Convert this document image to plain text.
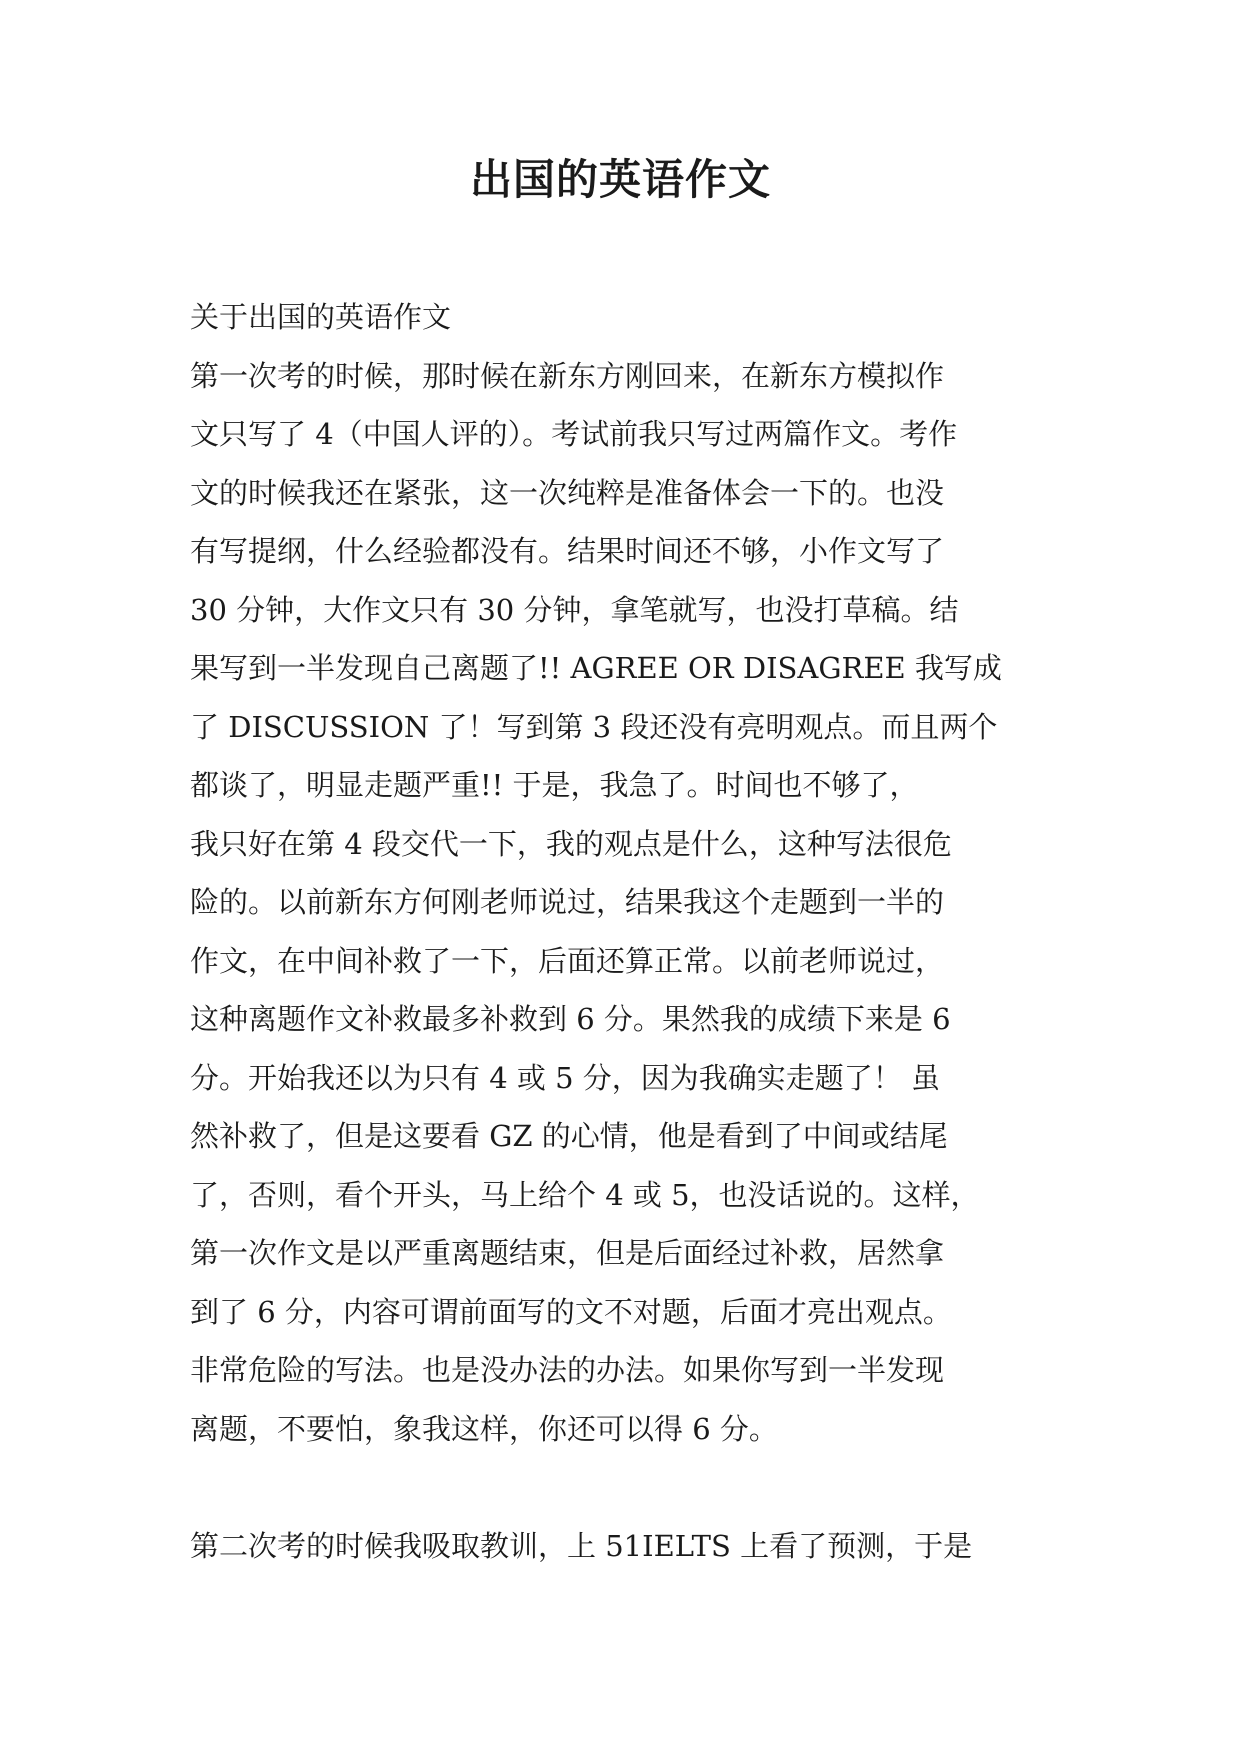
出国的英语作文

关于出国的英语作文

第一次考的时候，那时候在新东方刚回来，在新东方模拟作

文只写了 4（中国人评的）。考试前我只写过两篇作文。考作

文的时候我还在紧张，这一次纯粹是准备体会一下的。也没

有写提纲，什么经验都没有。结果时间还不够，小作文写了

30 分钟，大作文只有 30 分钟，拿笔就写，也没打草稿。结

果写到一半发现自己离题了!! AGREE OR DISAGREE 我写成

了 DISCUSSION 了！写到第 3 段还没有亮明观点。而且两个

都谈了，明显走题严重!! 于是，我急了。时间也不够了，

我只好在第 4 段交代一下，我的观点是什么，这种写法很危

险的。以前新东方何刚老师说过，结果我这个走题到一半的

作文，在中间补救了一下，后面还算正常。以前老师说过，

这种离题作文补救最多补救到 6 分。果然我的成绩下来是 6

分。开始我还以为只有 4 或 5 分，因为我确实走题了！ 虽

然补救了，但是这要看 GZ 的心情，他是看到了中间或结尾

了，否则，看个开头，马上给个 4 或 5，也没话说的。这样，

第一次作文是以严重离题结束，但是后面经过补救，居然拿

到了 6 分，内容可谓前面写的文不对题，后面才亮出观点。

非常危险的写法。也是没办法的办法。如果你写到一半发现

离题，不要怕，象我这样，你还可以得 6 分。

第二次考的时候我吸取教训，上 51IELTS 上看了预测，于是
